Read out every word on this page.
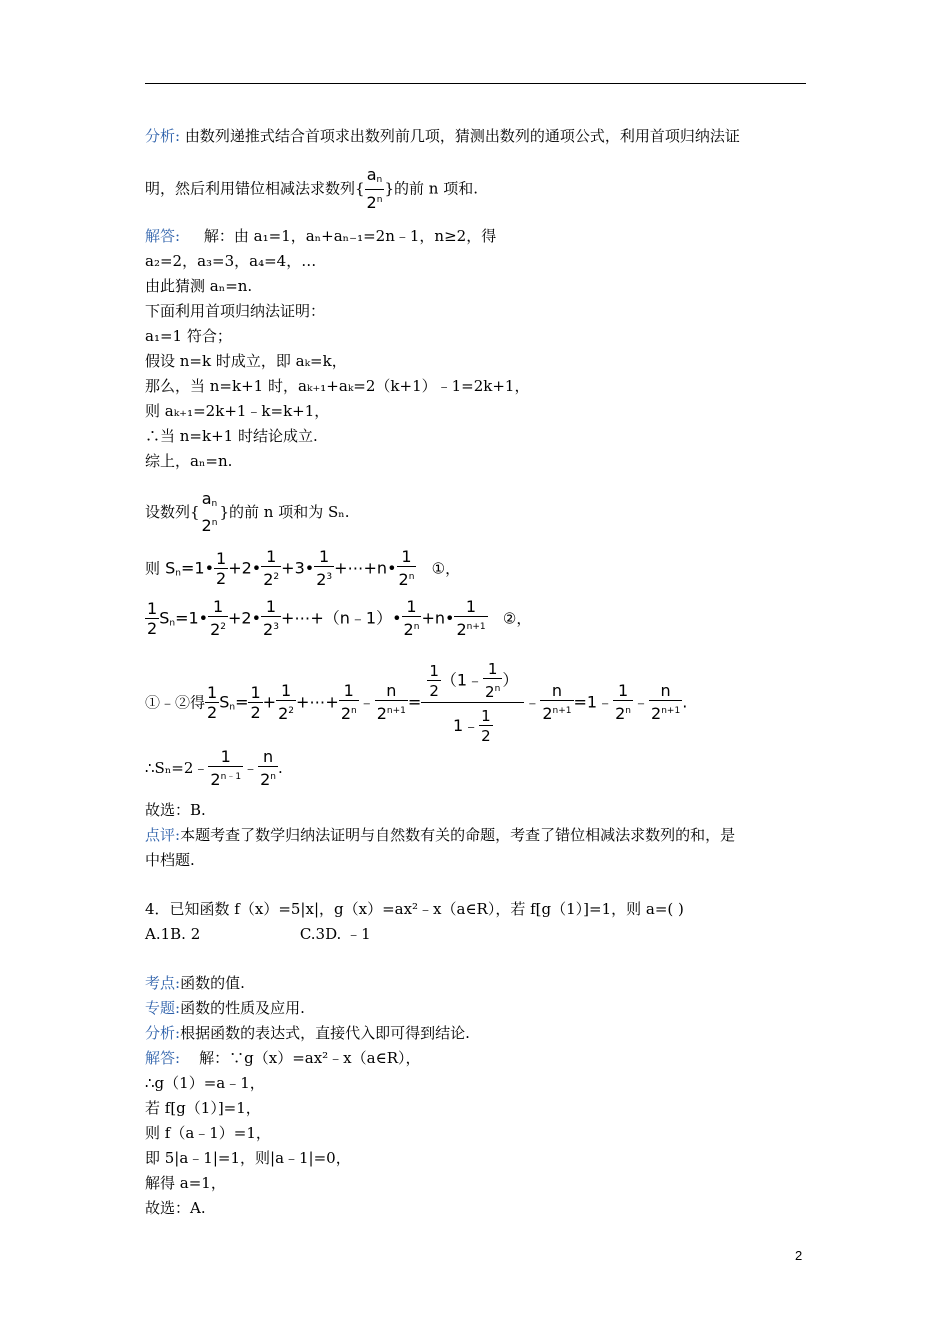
分析: 由数列递推式结合首项求出数列前几项，猜测出数列的通项公式，利用首项归纳法证
明，然后利用错位相减法求数列{ $\frac{a_n}{2^n}$ }的前 n 项和.
解答: 解：由 a₁=1，aₙ+aₙ₋₁=2n﹣1，n≥2，得
a₂=2，a₃=3，a₄=4，…
由此猜测 aₙ=n.
下面利用首项归纳法证明：
a₁=1 符合；
假设 n=k 时成立，即 aₖ=k，
那么，当 n=k+1 时，aₖ₊₁+aₖ=2（k+1）﹣1=2k+1，
则 aₖ₊₁=2k+1﹣k=k+1，
∴当 n=k+1 时结论成立.
综上，aₙ=n.
设数列{
$a_n$
2$^n$
}的前 n 项和为 Sₙ.
则 $S_n=1• \frac{1}{2}$ +2• $\frac{1}{2^2}$ +3• $\frac{1}{2^3}$ +⋯+n• $\frac{1}{2^n}$ ①，
$\frac{1}{2}$ $S_n=1• \frac{1}{2^2}$ +2• $\frac{1}{2^3}$ +⋯+（n﹣1）• $\frac{1}{2^n}$ +n• $\frac{1}{2^{n+1}}$ ②，
①﹣②得 $\frac{1}{2} S_n= \frac{1}{2} + \frac{1}{2^2}$ +⋯+ $\frac{1}{2^n}$ ﹣ $\frac{n}{2^{n+1}} = \frac{\frac{1}{2} (1﹣ \frac{1}{2^n} )}{1﹣ \frac{1}{2}}$ ﹣ $\frac{n}{2^{n+1}}$ =1﹣ $\frac{1}{2^n}$ ﹣ $\frac{n}{2^{n+1}}$ .
∴Sₙ=2﹣ $\frac{1}{2^{n﹣1}}$ ﹣ $\frac{n}{2^n}$ .
故选：B.
点评:本题考查了数学归纳法证明与自然数有关的命题，考查了错位相减法求数列的和，是
中档题.
4．已知函数 f（x）=5|x|，g（x）=ax²﹣x（a∈R），若 f[g（1）]=1，则 a=( )
A.1B. 2	C.3D. ﹣1
考点:函数的值.
专题:函数的性质及应用.
分析:根据函数的表达式，直接代入即可得到结论.
解答: 解：∵g（x）=ax²﹣x（a∈R），
∴g（1）=a﹣1，
若 f[g（1）]=1，
则 f（a﹣1）=1，
即 5|a﹣1|=1，则|a﹣1|=0，
解得 a=1，
故选：A.
2
